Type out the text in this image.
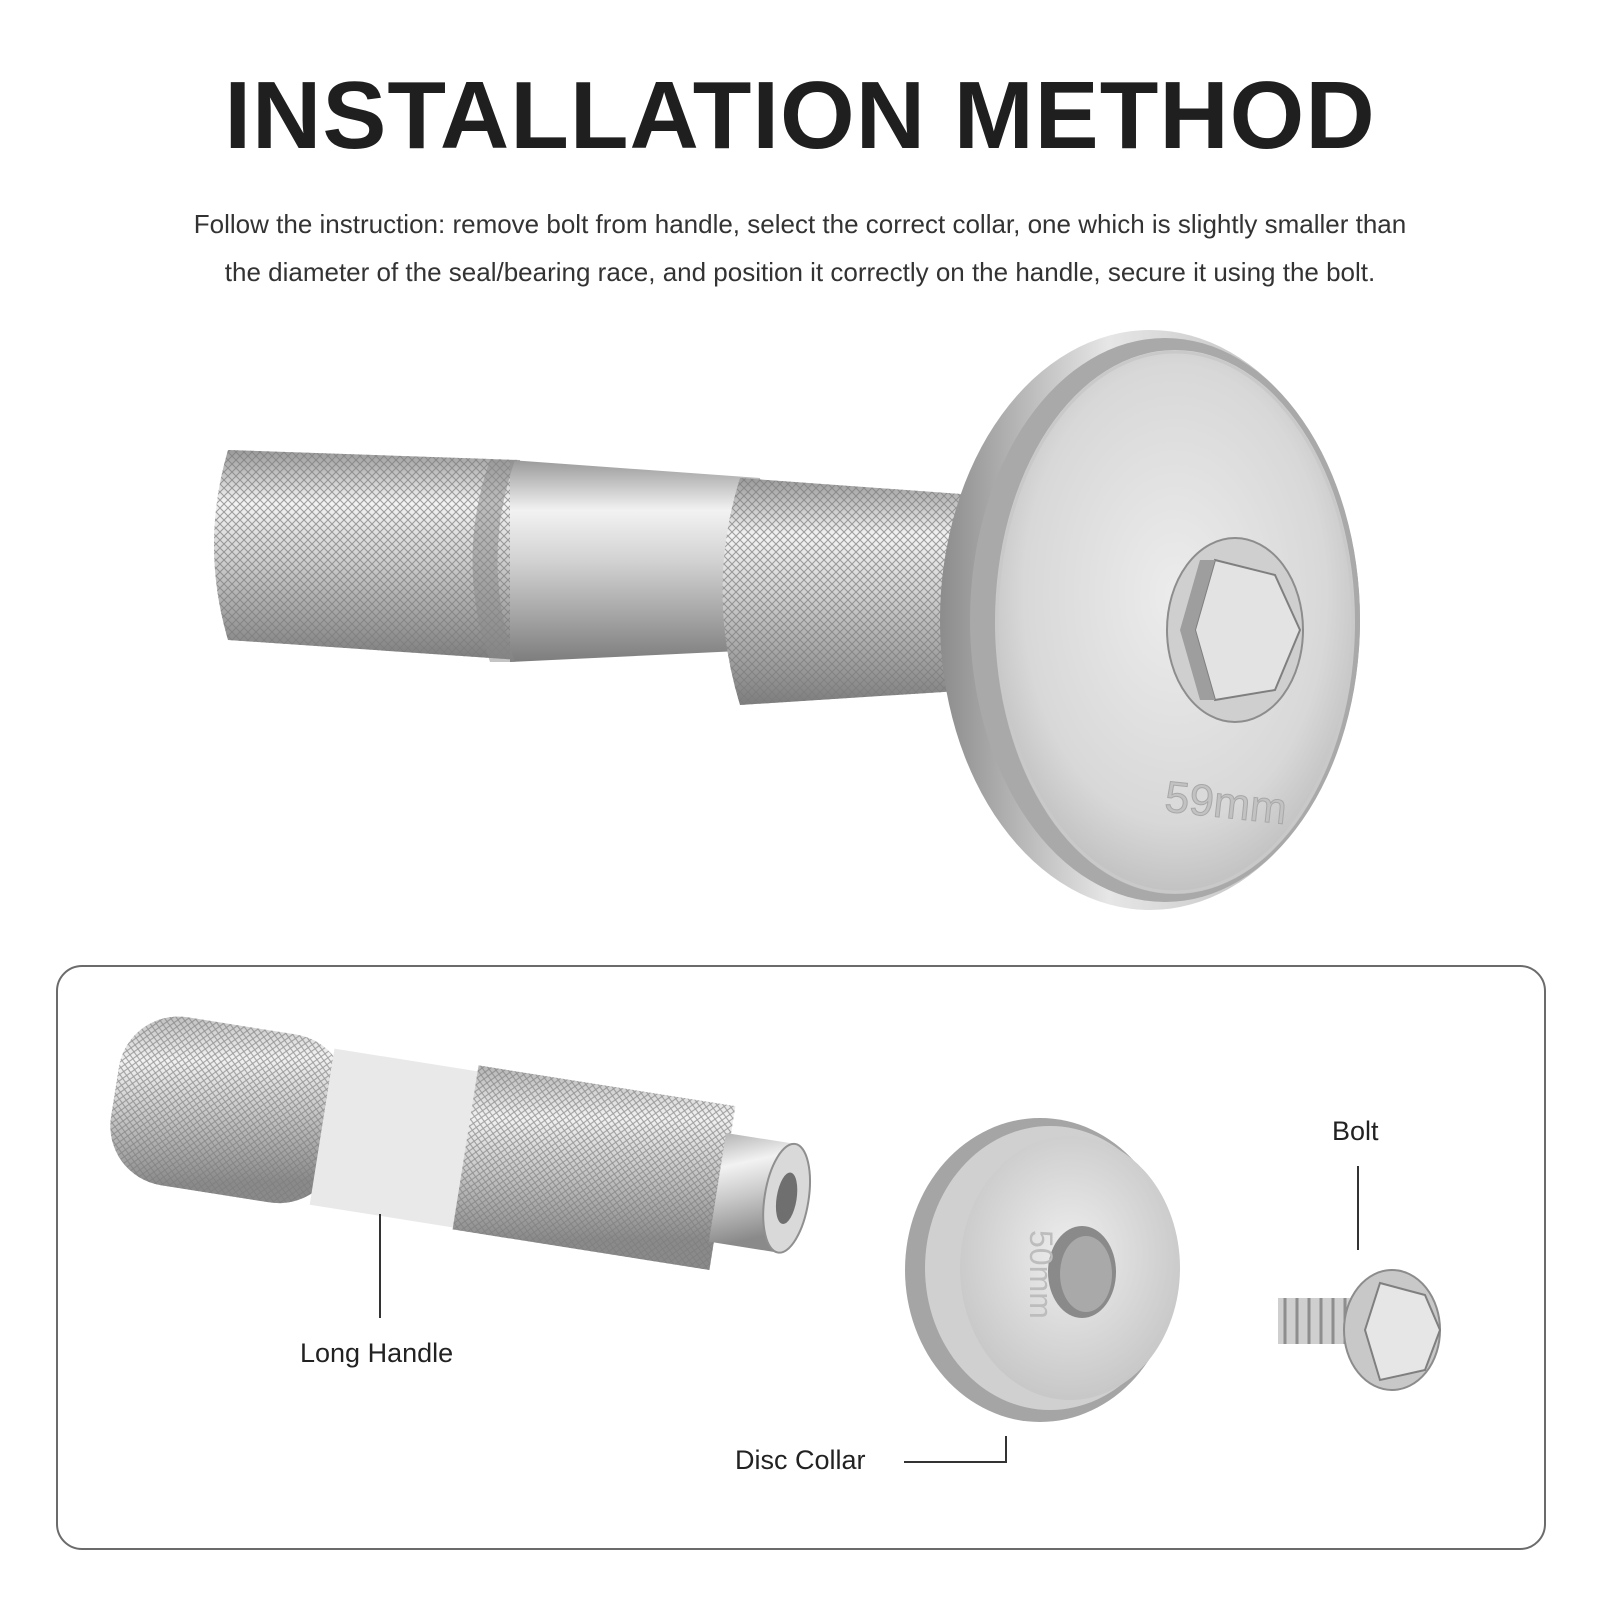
INSTALLATION METHOD
Follow the instruction: remove bolt from handle, select the correct collar, one which is slightly smaller than
the diameter of the seal/bearing race, and position it correctly on the handle, secure it using the bolt.
59mm
50mm
Long Handle
Disc Collar
Bolt
